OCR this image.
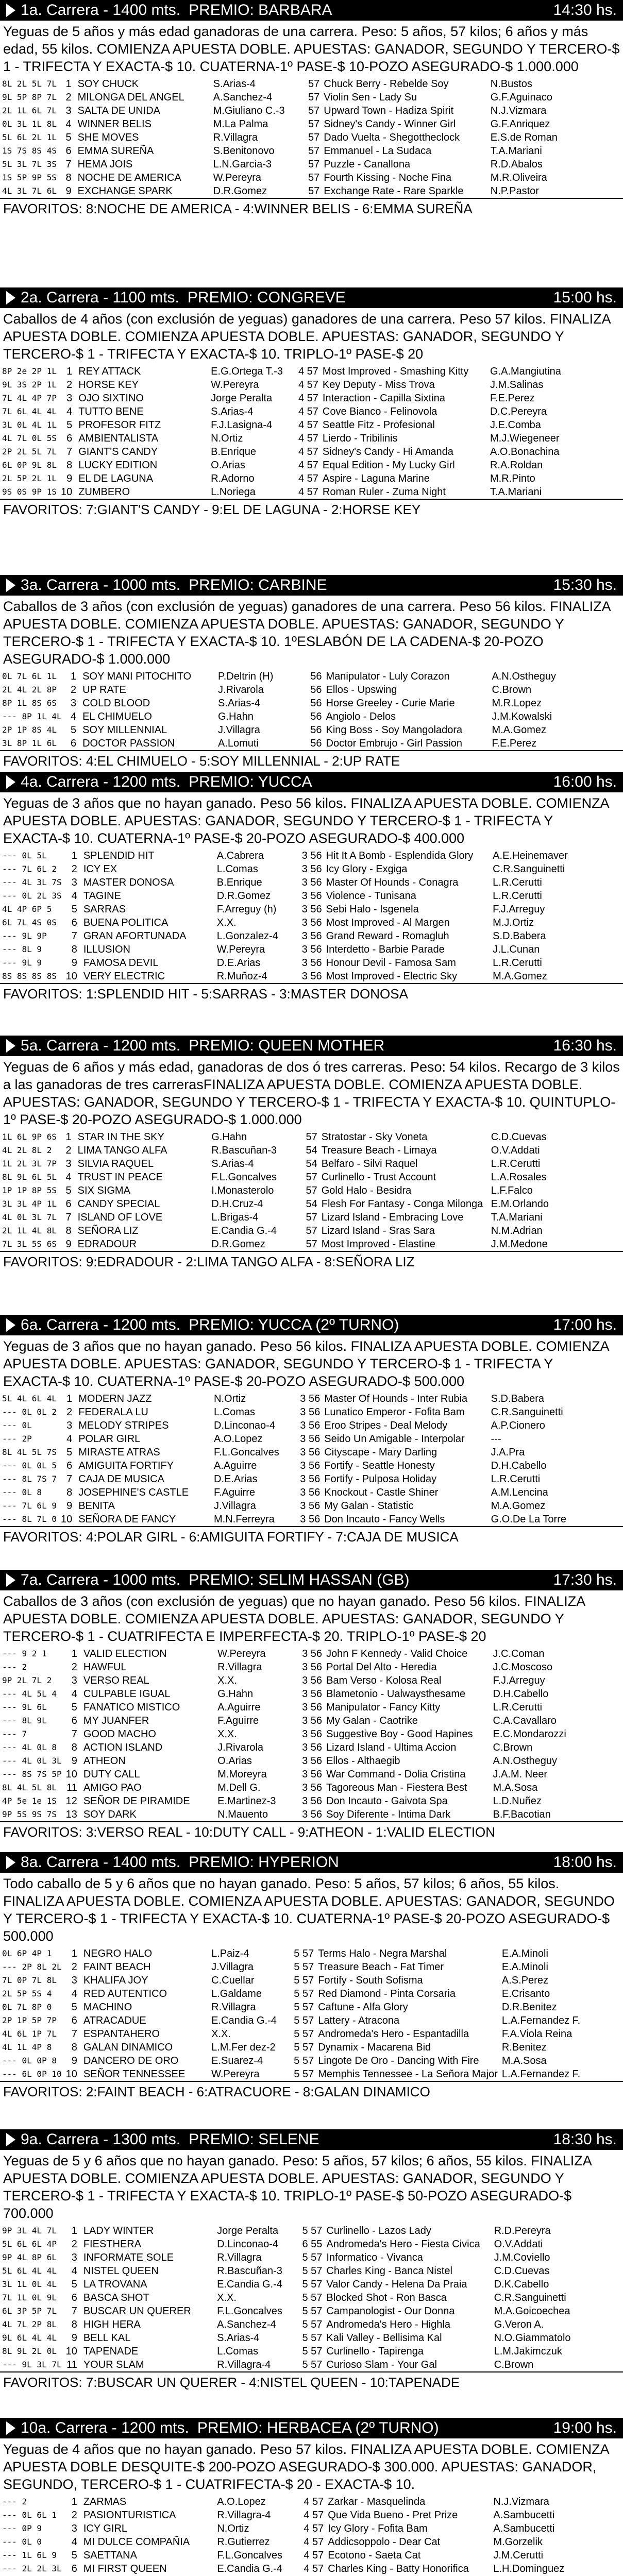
1a. Carrera - 1400 mts. PREMIO: BARBARA	14:30 hs.
Yeguas de 5 años y más edad ganadoras de una carrera. Peso: 5 años, 57 kilos; 6 años y más edad, 55 kilos. COMIENZA APUESTA DOBLE. APUESTAS: GANADOR, SEGUNDO Y TERCERO-$ 1 - TRIFECTA Y EXACTA-$ 10. CUATERNA-1º PASE-$ 10-POZO ASEGURADO-$ 1.000.000
8L 2L 5L 7L	1	SOY CHUCK	S.Arias-4	57	Chuck Berry - Rebelde Soy	N.Bustos
9L 5P 8P 7L	2	MILONGA DEL ANGEL	A.Sanchez-4	57	Violin Sen - Lady Su	G.F.Aguinaco
2L 1L 6L 7L	3	SALTA DE UNIDA	M.Giuliano C.-3	57	Upward Town - Hadiza Spirit	N.J.Vizmara
0L 3L 1L 8L	4	WINNER BELIS	M.La Palma	57	Sidney's Candy - Winner Girl	G.F.Anriquez
5L 6L 2L 1L	5	SHE MOVES	R.Villagra	57	Dado Vuelta - Shegottheclock	E.S.de Roman
1S 7S 8S 4S	6	EMMA SUREÑA	S.Benitonovo	57	Emmanuel - La Sudaca	T.A.Mariani
5L 3L 7L 3S	7	HEMA JOIS	L.N.Garcia-3	57	Puzzle - Canallona	R.D.Abalos
1S 5P 9P 5S	8	NOCHE DE AMERICA	W.Pereyra	57	Fourth Kissing - Noche Fina	M.R.Oliveira
4L 3L 7L 6L	9	EXCHANGE SPARK	D.R.Gomez	57	Exchange Rate - Rare Sparkle	N.P.Pastor
FAVORITOS: 8:NOCHE DE AMERICA - 4:WINNER BELIS - 6:EMMA SUREÑA
2a. Carrera - 1100 mts. PREMIO: CONGREVE	15:00 hs.
Caballos de 4 años (con exclusión de yeguas) ganadores de una carrera. Peso 57 kilos. FINALIZA APUESTA DOBLE. COMIENZA APUESTA DOBLE. APUESTAS: GANADOR, SEGUNDO Y TERCERO-$ 1 - TRIFECTA Y EXACTA-$ 10. TRIPLO-1º PASE-$ 20
8P 2e 2P 1L	1	REY ATTACK	E.G.Ortega T.-3	4 57	Most Improved - Smashing Kitty	G.A.Mangiutina
9L 3S 2P 1L	2	HORSE KEY	W.Pereyra	4 57	Key Deputy - Miss Trova	J.M.Salinas
7L 4L 4P 7P	3	OJO SIXTINO	Jorge Peralta	4 57	Interaction - Capilla Sixtina	F.E.Perez
7L 6L 4L 4L	4	TUTTO BENE	S.Arias-4	4 57	Cove Bianco - Felinovola	D.C.Pereyra
3L 0L 4L 1L	5	PROFESOR FITZ	F.J.Lasigna-4	4 57	Seattle Fitz - Profesional	J.E.Comba
4L 7L 0L 5S	6	AMBIENTALISTA	N.Ortiz	4 57	Lierdo - Tribilinis	M.J.Wiegeneer
2P 2L 5L 7L	7	GIANT'S CANDY	B.Enrique	4 57	Sidney's Candy - Hi Amanda	A.O.Bonachina
6L 0P 9L 8L	8	LUCKY EDITION	O.Arias	4 57	Equal Edition - My Lucky Girl	R.A.Roldan
2L 5P 2L 1L	9	EL DE LAGUNA	R.Adorno	4 57	Aspire - Laguna Marine	M.R.Pinto
9S 0S 9P 1S	10	ZUMBERO	L.Noriega	4 57	Roman Ruler - Zuma Night	T.A.Mariani
FAVORITOS: 7:GIANT'S CANDY - 9:EL DE LAGUNA - 2:HORSE KEY
3a. Carrera - 1000 mts. PREMIO: CARBINE	15:30 hs.
Caballos de 3 años (con exclusión de yeguas) ganadores de una carrera. Peso 56 kilos. FINALIZA APUESTA DOBLE. COMIENZA APUESTA DOBLE. APUESTAS: GANADOR, SEGUNDO Y TERCERO-$ 1 - TRIFECTA Y EXACTA-$ 10. 1ºESLABÓN DE LA CADENA-$ 20-POZO ASEGURADO-$ 1.000.000
0L 7L 6L 1L	1	SOY MANI PITOCHITO	P.Deltrin (H)	56	Manipulator - Luly Corazon	A.N.Ostheguy
2L 4L 2L 8P	2	UP RATE	J.Rivarola	56	Ellos - Upswing	C.Brown
8P 1L 8S 6S	3	COLD BLOOD	S.Arias-4	56	Horse Greeley - Curie Marie	M.R.Lopez
--- 8P 1L 4L	4	EL CHIMUELO	G.Hahn	56	Angiolo - Delos	J.M.Kowalski
2P 1P 8S 4L	5	SOY MILLENNIAL	J.Villagra	56	King Boss - Soy Mangoladora	M.A.Gomez
3L 8P 1L 6L	6	DOCTOR PASSION	A.Lomuti	56	Doctor Embrujo - Girl Passion	F.E.Perez
FAVORITOS: 4:EL CHIMUELO - 5:SOY MILLENNIAL - 2:UP RATE
4a. Carrera - 1200 mts. PREMIO: YUCCA	16:00 hs.
Yeguas de 3 años que no hayan ganado. Peso 56 kilos. FINALIZA APUESTA DOBLE. COMIENZA APUESTA DOBLE. APUESTAS: GANADOR, SEGUNDO Y TERCERO-$ 1 - TRIFECTA Y EXACTA-$ 10. CUATERNA-1º PASE-$ 20-POZO ASEGURADO-$ 400.000
--- 0L 5L	1	SPLENDID HIT	A.Cabrera	3 56	Hit It A Bomb - Esplendida Glory	A.E.Heinemaver
--- 7L 6L 2	2	ICY EX	L.Comas	3 56	Icy Glory - Exgiga	C.R.Sanguinetti
--- 4L 3L 7S	3	MASTER DONOSA	B.Enrique	3 56	Master Of Hounds - Conagra	L.R.Cerutti
--- 0L 2L 3S	4	TAGINE	D.R.Gomez	3 56	Violence - Tunisana	L.R.Cerutti
4L 4P 6P 5	5	SARRAS	F.Arreguy (h)	3 56	Sebi Halo - Isgenela	F.J.Arreguy
6L 7L 4S 0S	6	BUENA POLITICA	X.X.	3 56	Most Improved - Al Margen	M.J.Ortiz
--- 9L 9P	7	GRAN AFORTUNADA	L.Gonzalez-4	3 56	Grand Reward - Romagluh	S.D.Babera
--- 8L 9	8	ILLUSION	W.Pereyra	3 56	Interdetto - Barbie Parade	J.L.Cunan
--- 9L 9	9	FAMOSA DEVIL	D.E.Arias	3 56	Honour Devil - Famosa Sam	L.R.Cerutti
8S 8S 8S 8S	10	VERY ELECTRIC	R.Muñoz-4	3 56	Most Improved - Electric Sky	M.A.Gomez
FAVORITOS: 1:SPLENDID HIT - 5:SARRAS - 3:MASTER DONOSA
5a. Carrera - 1200 mts. PREMIO: QUEEN MOTHER	16:30 hs.
Yeguas de 6 años y más edad, ganadoras de dos ó tres carreras. Peso: 54 kilos. Recargo de 3 kilos a las ganadoras de tres carrerasFINALIZA APUESTA DOBLE. COMIENZA APUESTA DOBLE. APUESTAS: GANADOR, SEGUNDO Y TERCERO-$ 1 - TRIFECTA Y EXACTA-$ 10. QUINTUPLO-1º PASE-$ 20-POZO ASEGURADO-$ 1.000.000
1L 6L 9P 6S	1	STAR IN THE SKY	G.Hahn	57	Stratostar - Sky Voneta	C.D.Cuevas
4L 2L 8L 2	2	LIMA TANGO ALFA	R.Bascuñan-3	54	Treasure Beach - Limaya	O.V.Addati
1L 2L 3L 7P	3	SILVIA RAQUEL	S.Arias-4	54	Belfaro - Silvi Raquel	L.R.Cerutti
8L 9L 6L 5L	4	TRUST IN PEACE	F.L.Goncalves	57	Curlinello - Trust Account	L.A.Rosales
1P 1P 8P 5S	5	SIX SIGMA	I.Monasterolo	57	Gold Halo - Besidra	L.F.Falco
3L 3L 4P 1L	6	CANDY SPECIAL	D.H.Cruz-4	54	Flesh For Fantasy - Conga Milonga	E.M.Orlando
4L 0L 3L 7L	7	ISLAND OF LOVE	L.Brigas-4	57	Lizard Island - Embracing Love	T.A.Mariani
2L 1L 4L 8L	8	SEÑORA LIZ	E.Candia G.-4	57	Lizard Island - Sras Sara	N.M.Adrian
7L 3L 5S 6S	9	EDRADOUR	D.R.Gomez	57	Most Improved - Elastine	J.M.Medone
FAVORITOS: 9:EDRADOUR - 2:LIMA TANGO ALFA - 8:SEÑORA LIZ
6a. Carrera - 1200 mts. PREMIO: YUCCA (2º TURNO)	17:00 hs.
Yeguas de 3 años que no hayan ganado. Peso 56 kilos. FINALIZA APUESTA DOBLE. COMIENZA APUESTA DOBLE. APUESTAS: GANADOR, SEGUNDO Y TERCERO-$ 1 - TRIFECTA Y EXACTA-$ 10. CUATERNA-1º PASE-$ 20-POZO ASEGURADO-$ 500.000
5L 4L 6L 4L	1	MODERN JAZZ	N.Ortiz	3 56	Master Of Hounds - Inter Rubia	S.D.Babera
--- 0L 0L 2	2	FEDERALA LU	L.Comas	3 56	Lunatico Emperor - Fofita Bam	C.R.Sanguinetti
--- 0L	3	MELODY STRIPES	D.Linconao-4	3 56	Eroo Stripes - Deal Melody	A.P.Cionero
--- 2P	4	POLAR GIRL	A.O.Lopez	3 56	Seido Un Amigable - Interpolar	---
8L 4L 5L 7S	5	MIRASTE ATRAS	F.L.Goncalves	3 56	Cityscape - Mary Darling	J.A.Pra
--- 0L 0L 5	6	AMIGUITA FORTIFY	A.Aguirre	3 56	Fortify - Seattle Honesty	D.H.Cabello
--- 8L 7S 7	7	CAJA DE MUSICA	D.E.Arias	3 56	Fortify - Pulposa Holiday	L.R.Cerutti
--- 0L 8	8	JOSEPHINE'S CASTLE	F.Aguirre	3 56	Knockout - Castle Shiner	A.M.Lencina
--- 7L 6L 9	9	BENITA	J.Villagra	3 56	My Galan - Statistic	M.A.Gomez
--- 8L 7L 0	10	SEÑORA DE FANCY	M.N.Ferreyra	3 56	Don Incauto - Fancy Wells	G.O.De La Torre
FAVORITOS: 4:POLAR GIRL - 6:AMIGUITA FORTIFY - 7:CAJA DE MUSICA
7a. Carrera - 1000 mts. PREMIO: SELIM HASSAN (GB)	17:30 hs.
Caballos de 3 años (con exclusión de yeguas) que no hayan ganado. Peso 56 kilos. FINALIZA APUESTA DOBLE. COMIENZA APUESTA DOBLE. APUESTAS: GANADOR, SEGUNDO Y TERCERO-$ 1 - CUATRIFECTA E IMPERFECTA-$ 20. TRIPLO-1º PASE-$ 20
--- 9 2 1	1	VALID ELECTION	W.Pereyra	3 56	John F Kennedy - Valid Choice	J.C.Coman
--- 2	2	HAWFUL	R.Villagra	3 56	Portal Del Alto - Heredia	J.C.Moscoso
9P 2L 7L 2	3	VERSO REAL	X.X.	3 56	Bam Verso - Kolosa Real	F.J.Arreguy
--- 4L 5L 4	4	CULPABLE IGUAL	G.Hahn	3 56	Blametonio - Ualwaysthesame	D.H.Cabello
--- 9L 6L	5	FANATICO MISTICO	A.Aguirre	3 56	Manipulator - Fancy Kitty	L.R.Cerutti
--- 8L 9L	6	MY JUANFER	F.Aguirre	3 56	My Galan - Caotrike	C.A.Cavallaro
--- 7	7	GOOD MACHO	X.X.	3 56	Suggestive Boy - Good Hapines	E.C.Mondarozzi
--- 4L 0L 8	8	ACTION ISLAND	J.Rivarola	3 56	Lizard Island - Ultima Accion	C.Brown
--- 4L 0L 3L	9	ATHEON	O.Arias	3 56	Ellos - Althaegib	A.N.Ostheguy
--- 8S 7S 5P	10	DUTY CALL	M.Moreyra	3 56	War Command - Dolia Cristina	J.A.M. Neer
8L 4L 5L 8L	11	AMIGO PAO	M.Dell G.	3 56	Tagoreous Man - Fiestera Best	M.A.Sosa
4P 5e 1e 1S	12	SEÑOR DE PIRAMIDE	E.Martinez-3	3 56	Don Incauto - Gaivota Spa	L.D.Nuñez
9P 5S 9S 7S	13	SOY DARK	N.Mauento	3 56	Soy Diferente - Intima Dark	B.F.Bacotian
FAVORITOS: 3:VERSO REAL - 10:DUTY CALL - 9:ATHEON - 1:VALID ELECTION
8a. Carrera - 1400 mts. PREMIO: HYPERION	18:00 hs.
Todo caballo de 5 y 6 años que no hayan ganado. Peso: 5 años, 57 kilos; 6 años, 55 kilos. FINALIZA APUESTA DOBLE. COMIENZA APUESTA DOBLE. APUESTAS: GANADOR, SEGUNDO Y TERCERO-$ 1 - TRIFECTA Y EXACTA-$ 10. CUATERNA-1º PASE-$ 20-POZO ASEGURADO-$ 500.000
0L 6P 4P 1	1	NEGRO HALO	L.Paiz-4	5 57	Terms Halo - Negra Marshal	E.A.Minoli
--- 2P 8L 2L	2	FAINT BEACH	J.Villagra	5 57	Treasure Beach - Fat Timer	E.A.Minoli
7L 0P 7L 8L	3	KHALIFA JOY	C.Cuellar	5 57	Fortify - South Sofisma	A.S.Perez
2L 5P 5S 4	4	RED AUTENTICO	L.Galdame	5 57	Red Diamond - Pinta Corsaria	E.Crisanto
0L 7L 8P 0	5	MACHINO	R.Villagra	5 57	Caftune - Alfa Glory	D.R.Benitez
2P 1P 5P 7P	6	ATRACADUE	E.Candia G.-4	5 57	Lattery - Atracona	L.A.Fernandez F.
4L 6L 1P 7L	7	ESPANTAHERO	X.X.	5 57	Andromeda's Hero - Espantadilla	F.A.Viola Reina
4L 1L 4P 8	8	GALAN DINAMICO	L.M.Fer dez-2	5 57	Dynamix - Macarena Bid	R.Benitez
--- 0L 0P 8	9	DANCERO DE ORO	E.Suarez-4	5 57	Lingote De Oro - Dancing With Fire	M.A.Sosa
--- 6L 0P 10	10	SEÑOR TENNESSEE	W.Pereyra	5 57	Memphis Tennessee - La Señora Major	L.A.Fernandez F.
FAVORITOS: 2:FAINT BEACH - 6:ATRACUORE - 8:GALAN DINAMICO
9a. Carrera - 1300 mts. PREMIO: SELENE	18:30 hs.
Yeguas de 5 y 6 años que no hayan ganado. Peso: 5 años, 57 kilos; 6 años, 55 kilos. FINALIZA APUESTA DOBLE. COMIENZA APUESTA DOBLE. APUESTAS: GANADOR, SEGUNDO Y TERCERO-$ 1 - TRIFECTA Y EXACTA-$ 10. TRIPLO-1º PASE-$ 50-POZO ASEGURADO-$ 700.000
9P 3L 4L 7L	1	LADY WINTER	Jorge Peralta	5 57	Curlinello - Lazos Lady	R.D.Pereyra
5L 6L 6L 4P	2	FIESTHERA	D.Linconao-4	6 55	Andromeda's Hero - Fiesta Civica	O.V.Addati
9P 4L 8P 6L	3	INFORMATE SOLE	R.Villagra	5 57	Informatico - Vivanca	J.M.Coviello
5L 6L 4L 4L	4	NISTEL QUEEN	R.Bascuñan-3	5 57	Charles King - Banca Nistel	C.D.Cuevas
3L 1L 0L 4L	5	LA TROVANA	E.Candia G.-4	5 57	Valor Candy - Helena Da Praia	D.K.Cabello
7L 1L 0L 9L	6	BASCA SHOT	X.X.	5 57	Blocked Shot - Ron Basca	C.R.Sanguinetti
6L 3P 5P 7L	7	BUSCAR UN QUERER	F.L.Goncalves	5 57	Campanologist - Our Donna	M.A.Goicoechea
4L 7L 2P 8L	8	HIGH HERA	A.Sanchez-4	5 57	Andromeda's Hero - Highla	G.Veron A.
9L 6L 4L 4L	9	BELL KAL	S.Arias-4	5 57	Kali Valley - Bellisima Kal	N.O.Giammatolo
8L 9L 2L 0L	10	TAPENADE	L.Comas	5 57	Curlinello - Tapirenga	L.M.Jakimczuk
--- 9L 3L 7L	11	YOUR SLAM	R.Villagra-4	5 57	Curioso Slam - Your Gal	C.Brown
FAVORITOS: 7:BUSCAR UN QUERER - 4:NISTEL QUEEN - 10:TAPENADE
10a. Carrera - 1200 mts. PREMIO: HERBACEA (2º TURNO)	19:00 hs.
Yeguas de 4 años que no hayan ganado. Peso 57 kilos. FINALIZA APUESTA DOBLE. COMIENZA APUESTA DOBLE DESQUITE-$ 200-POZO ASEGURADO-$ 300.000. APUESTAS: GANADOR, SEGUNDO, TERCERO-$ 1 - CUATRIFECTA-$ 20 - EXACTA-$ 10.
--- 2	1	ZARMAS	A.O.Lopez	4 57	Zarkar - Masquelinda	N.J.Vizmara
--- 0L 6L 1	2	PASIONTURISTICA	R.Villagra-4	4 57	Que Vida Bueno - Pret Prize	A.Sambucetti
--- 0P 9	3	ICY GIRL	N.Ortiz	4 57	Icy Glory - Fofita Bam	A.Sambucetti
--- 0L 0	4	MI DULCE COMPAÑIA	R.Gutierrez	4 57	Addicsoppolo - Dear Cat	M.Gorzelik
--- 1L 6L 9	5	SAETTANA	F.L.Goncalves	4 57	Ecotono - Saeta Cat	J.M.Cerutti
--- 2L 2L 3L	6	MI FIRST QUEEN	E.Candia G.-4	4 57	Charles King - Batty Honorifica	L.H.Dominguez
